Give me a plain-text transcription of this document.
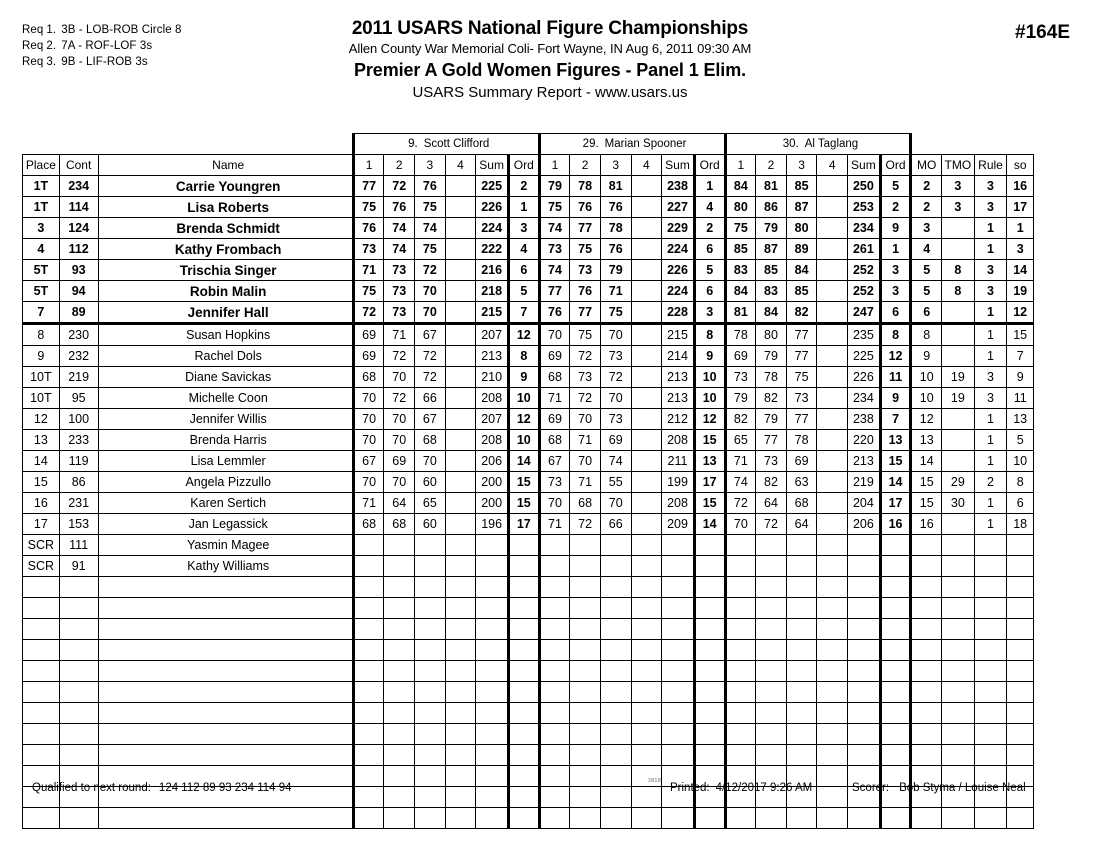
Req 1. 3B - LOB-ROB Circle 8
Req 2. 7A - ROF-LOF 3s
Req 3. 9B - LIF-ROB 3s
2011 USARS National Figure Championships
Allen County War Memorial Coli- Fort Wayne, IN Aug 6, 2011 09:30 AM
Premier A Gold Women Figures - Panel 1 Elim.
USARS Summary Report - www.usars.us
#164E
			9. Scott Clifford						29. Marian Spooner						30. Al Taglang									
Place	Cont	Name	1	2	3	4	Sum	Ord	1	2	3	4	Sum	Ord	1	2	3	4	Sum	Ord	MO	TMO	Rule	so
1T	234	Carrie Youngren	77	72	76		225	2	79	78	81		238	1	84	81	85		250	5	2	3	3	16
1T	114	Lisa Roberts	75	76	75		226	1	75	76	76		227	4	80	86	87		253	2	2	3	3	17
3	124	Brenda Schmidt	76	74	74		224	3	74	77	78		229	2	75	79	80		234	9	3		1	1
4	112	Kathy Frombach	73	74	75		222	4	73	75	76		224	6	85	87	89		261	1	4		1	3
5T	93	Trischia Singer	71	73	72		216	6	74	73	79		226	5	83	85	84		252	3	5	8	3	14
5T	94	Robin Malin	75	73	70		218	5	77	76	71		224	6	84	83	85		252	3	5	8	3	19
7	89	Jennifer Hall	72	73	70		215	7	76	77	75		228	3	81	84	82		247	6	6		1	12
8	230	Susan Hopkins	69	71	67		207	12	70	75	70		215	8	78	80	77		235	8	8		1	15
9	232	Rachel Dols	69	72	72		213	8	69	72	73		214	9	69	79	77		225	12	9		1	7
10T	219	Diane Savickas	68	70	72		210	9	68	73	72		213	10	73	78	75		226	11	10	19	3	9
10T	95	Michelle Coon	70	72	66		208	10	71	72	70		213	10	79	82	73		234	9	10	19	3	11
12	100	Jennifer Willis	70	70	67		207	12	69	70	73		212	12	82	79	77		238	7	12		1	13
13	233	Brenda Harris	70	70	68		208	10	68	71	69		208	15	65	77	78		220	13	13		1	5
14	119	Lisa Lemmler	67	69	70		206	14	67	70	74		211	13	71	73	69		213	15	14		1	10
15	86	Angela Pizzullo	70	70	60		200	15	73	71	55		199	17	74	82	63		219	14	15	29	2	8
16	231	Karen Sertich	71	64	65		200	15	70	68	70		208	15	72	64	68		204	17	15	30	1	6
17	153	Jan Legassick	68	68	60		196	17	71	72	66		209	14	70	72	64		206	16	16		1	18
SCR	111	Yasmin Magee																						
SCR	91	Kathy Williams																						

Qualified to next round: 124 112 89 93 234 114 94
3818
Printed: 4/12/2017 9:26 AM	Scorer: Bob Styma / Louise Neal
